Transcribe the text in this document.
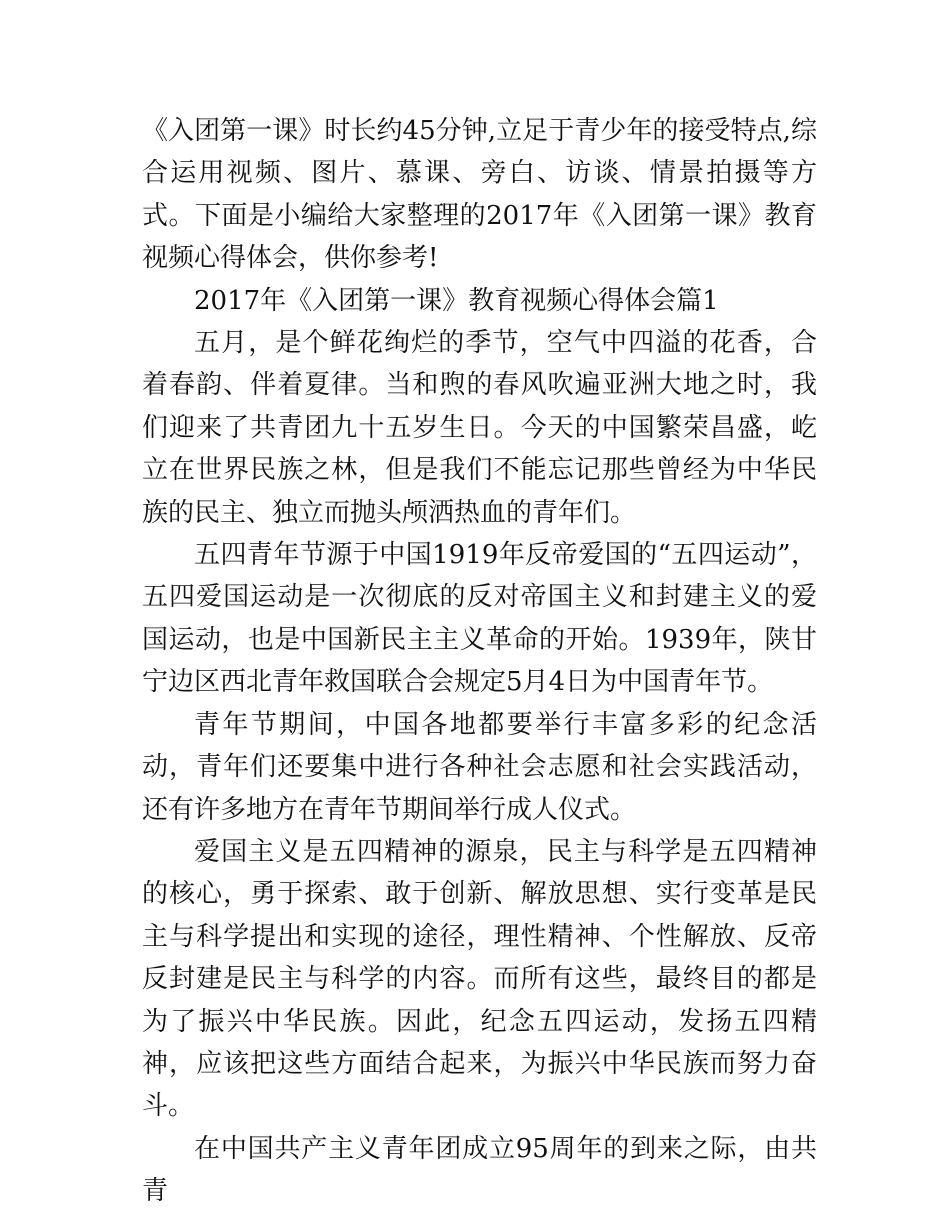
《入团第一课》时长约45分钟,立足于青少年的接受特点,综合运用视频、图片、慕课、旁白、访谈、情景拍摄等方式。下面是小编给大家整理的2017年《入团第一课》教育视频心得体会，供你参考!

2017年《入团第一课》教育视频心得体会篇1

五月，是个鲜花绚烂的季节，空气中四溢的花香，合着春韵、伴着夏律。当和煦的春风吹遍亚洲大地之时，我们迎来了共青团九十五岁生日。今天的中国繁荣昌盛，屹立在世界民族之林，但是我们不能忘记那些曾经为中华民族的民主、独立而抛头颅洒热血的青年们。

五四青年节源于中国1919年反帝爱国的“五四运动”，五四爱国运动是一次彻底的反对帝国主义和封建主义的爱国运动，也是中国新民主主义革命的开始。1939年，陕甘宁边区西北青年救国联合会规定5月4日为中国青年节。

青年节期间，中国各地都要举行丰富多彩的纪念活动，青年们还要集中进行各种社会志愿和社会实践活动，还有许多地方在青年节期间举行成人仪式。

爱国主义是五四精神的源泉，民主与科学是五四精神的核心，勇于探索、敢于创新、解放思想、实行变革是民主与科学提出和实现的途径，理性精神、个性解放、反帝反封建是民主与科学的内容。而所有这些，最终目的都是为了振兴中华民族。因此，纪念五四运动，发扬五四精神，应该把这些方面结合起来，为振兴中华民族而努力奋斗。

在中国共产主义青年团成立95周年的到来之际，由共青
